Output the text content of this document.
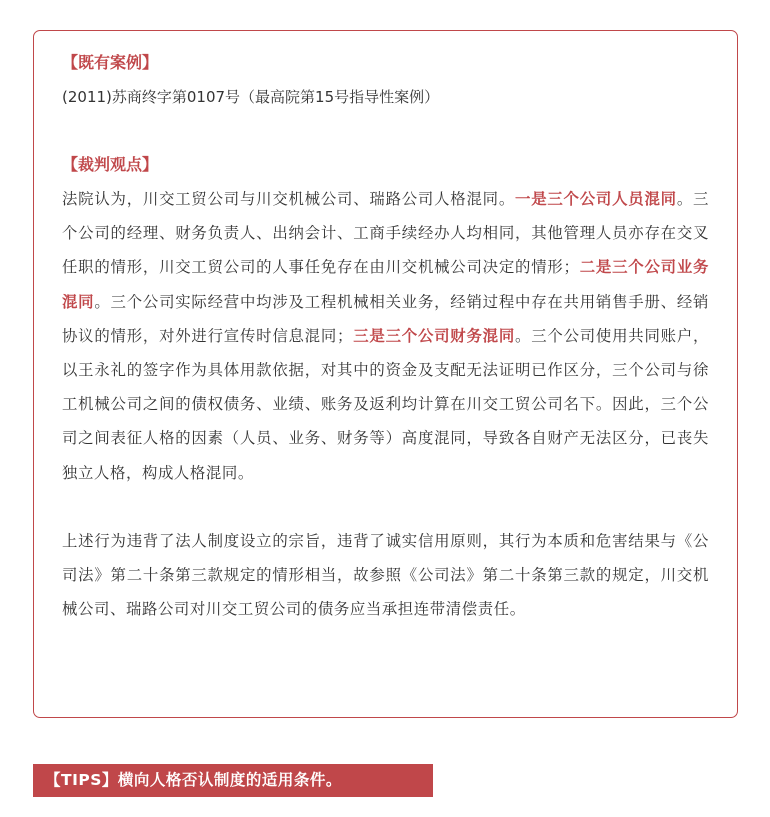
【既有案例】

(2011)苏商终字第0107号（最高院第15号指导性案例）

【裁判观点】

法院认为，川交工贸公司与川交机械公司、瑞路公司人格混同。一是三个公司人员混同。三个公司的经理、财务负责人、出纳会计、工商手续经办人均相同，其他管理人员亦存在交叉任职的情形，川交工贸公司的人事任免存在由川交机械公司决定的情形；二是三个公司业务混同。三个公司实际经营中均涉及工程机械相关业务，经销过程中存在共用销售手册、经销协议的情形，对外进行宣传时信息混同；三是三个公司财务混同。三个公司使用共同账户，以王永礼的签字作为具体用款依据，对其中的资金及支配无法证明已作区分，三个公司与徐工机械公司之间的债权债务、业绩、账务及返利均计算在川交工贸公司名下。因此，三个公司之间表征人格的因素（人员、业务、财务等）高度混同，导致各自财产无法区分，已丧失独立人格，构成人格混同。

上述行为违背了法人制度设立的宗旨，违背了诚实信用原则，其行为本质和危害结果与《公司法》第二十条第三款规定的情形相当，故参照《公司法》第二十条第三款的规定，川交机械公司、瑞路公司对川交工贸公司的债务应当承担连带清偿责任。

【TIPS】横向人格否认制度的适用条件。
